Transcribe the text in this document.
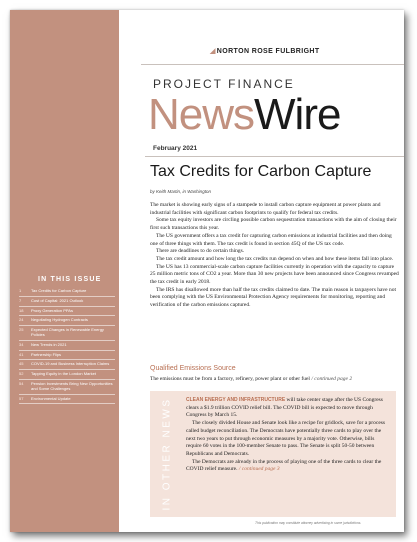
IN THIS ISSUE
1	Tax Credits for Carbon Capture
7	Cost of Capital: 2021 Outlook
18	Proxy Generation PPAs
24	Negotiating Hydrogen Contracts
25	Expected Changes in Renewable Energy Policies
34	New Trends in 2021
41	Partnership Flips
45	COVID-19 and Business Interruption Claims
52	Tapping Equity in the London Market
54	Pension Investments Bring New Opportunities and Some Challenges
57	Environmental Update
◢NORTON ROSE FULBRIGHT
PROJECT FINANCE
NewsWire
February 2021
Tax Credits for Carbon Capture
by Keith Martin, in Washington

The market is showing early signs of a stampede to install carbon capture equipment at power plants and industrial facilities with significant carbon footprints to qualify for federal tax credits.

Some tax equity investors are circling possible carbon sequestration transactions with the aim of closing their first such transactions this year.

The US government offers a tax credit for capturing carbon emissions at industrial facilities and then doing one of three things with them. The tax credit is found in section 45Q of the US tax code.

There are deadlines to do certain things.

The tax credit amount and how long the tax credits run depend on when and how these items fall into place.

The US has 13 commercial-scale carbon capture facilities currently in operation with the capacity to capture 25 million metric tons of CO2 a year. More than 30 new projects have been announced since Congress revamped the tax credit in early 2018.

The IRS has disallowed more than half the tax credits claimed to date. The main reason is taxpayers have not been complying with the US Environmental Protection Agency requirements for monitoring, reporting and verification of the carbon emissions captured.

Qualified Emissions Source
The emissions must be from a factory, refinery, power plant or other fuel / continued page 2
IN OTHER NEWS	CLEAN ENERGY AND INFRASTRUCTURE will take center stage after the US Congress clears a $1.9 trillion COVID relief bill. The COVID bill is expected to move through Congress by March 15.

The closely divided House and Senate look like a recipe for gridlock, save for a process called budget reconciliation. The Democrats have potentially three cards to play over the next two years to put through economic measures by a majority vote. Otherwise, bills require 60 votes in the 100-member Senate to pass. The Senate is split 50-50 between Republicans and Democrats.

The Democrats are already in the process of playing one of the three cards to clear the COVID relief measure. / continued page 3

This publication may constitute attorney advertising in some jurisdictions.
